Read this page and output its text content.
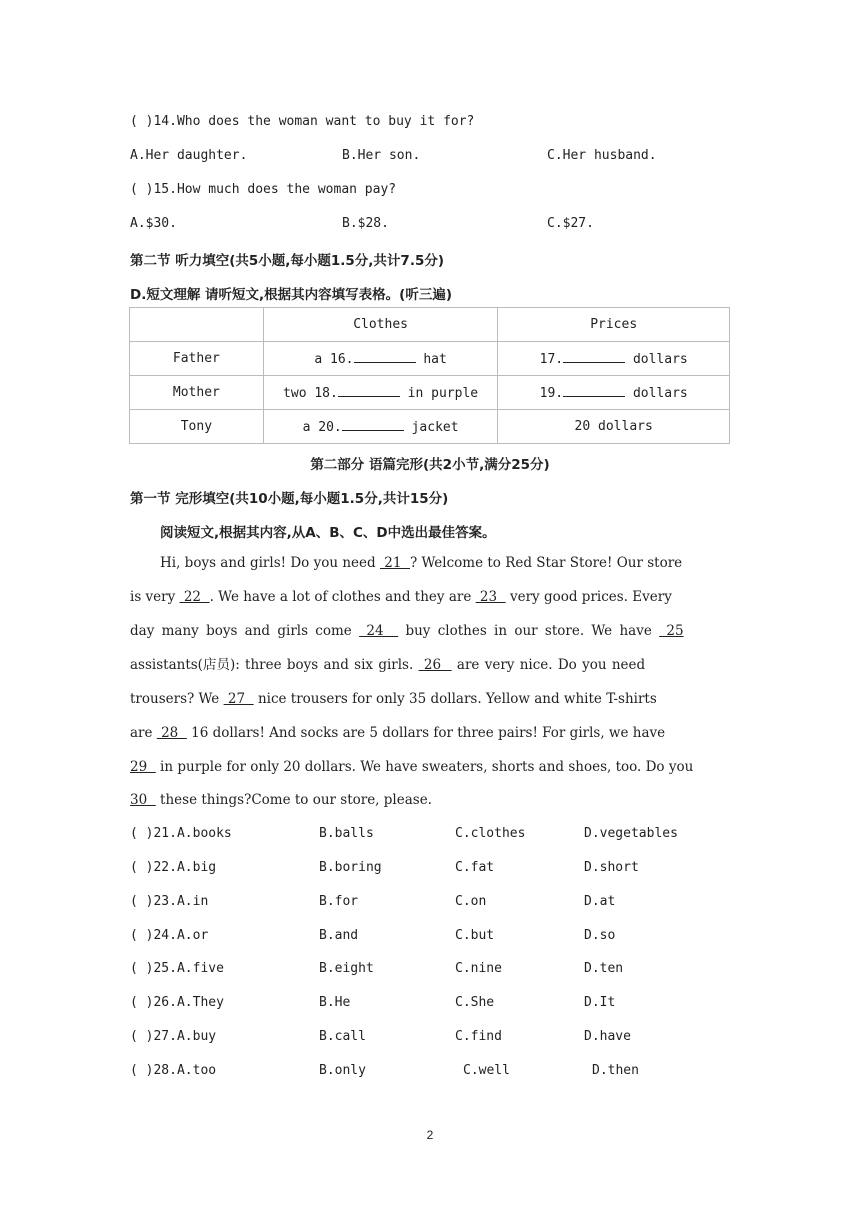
( )14.Who does the woman want to buy it for?
A.Her daughter.	B.Her son.	C.Her husband.
( )15.How much does the woman pay?
A.$30.	B.$28.	C.$27.
第二节 听力填空(共5小题,每小题1.5分,共计7.5分)
D.短文理解 请听短文,根据其内容填写表格。(听三遍)
	Clothes	Prices
Father	a 16. hat	17. dollars
Mother	two 18. in purple	19. dollars
Tony	a 20. jacket	20 dollars
第二部分 语篇完形(共2小节,满分25分)
第一节 完形填空(共10小题,每小题1.5分,共计15分)
阅读短文,根据其内容,从A、B、C、D中选出最佳答案。
Hi, boys and girls! Do you need  21  ? Welcome to Red Star Store! Our store
is very  22  . We have a lot of clothes and they are  23   very good prices. Every
day many boys and girls come  24   buy clothes in our store. We have  25
assistants(店员): three boys and six girls.  26   are very nice. Do you need
trousers? We  27   nice trousers for only 35 dollars. Yellow and white T-shirts
are  28   16 dollars! And socks are 5 dollars for three pairs! For girls, we have
29   in purple for only 20 dollars. We have sweaters, shorts and shoes, too. Do you
30   these things?Come to our store, please.
( )21.A.books	B.balls	C.clothes	D.vegetables
( )22.A.big	B.boring	C.fat	D.short
( )23.A.in	B.for	C.on	D.at
( )24.A.or	B.and	C.but	D.so
( )25.A.five	B.eight	C.nine	D.ten
( )26.A.They	B.He	C.She	D.It
( )27.A.buy	B.call	C.find	D.have
( )28.A.too	B.only	C.well	D.then
2
